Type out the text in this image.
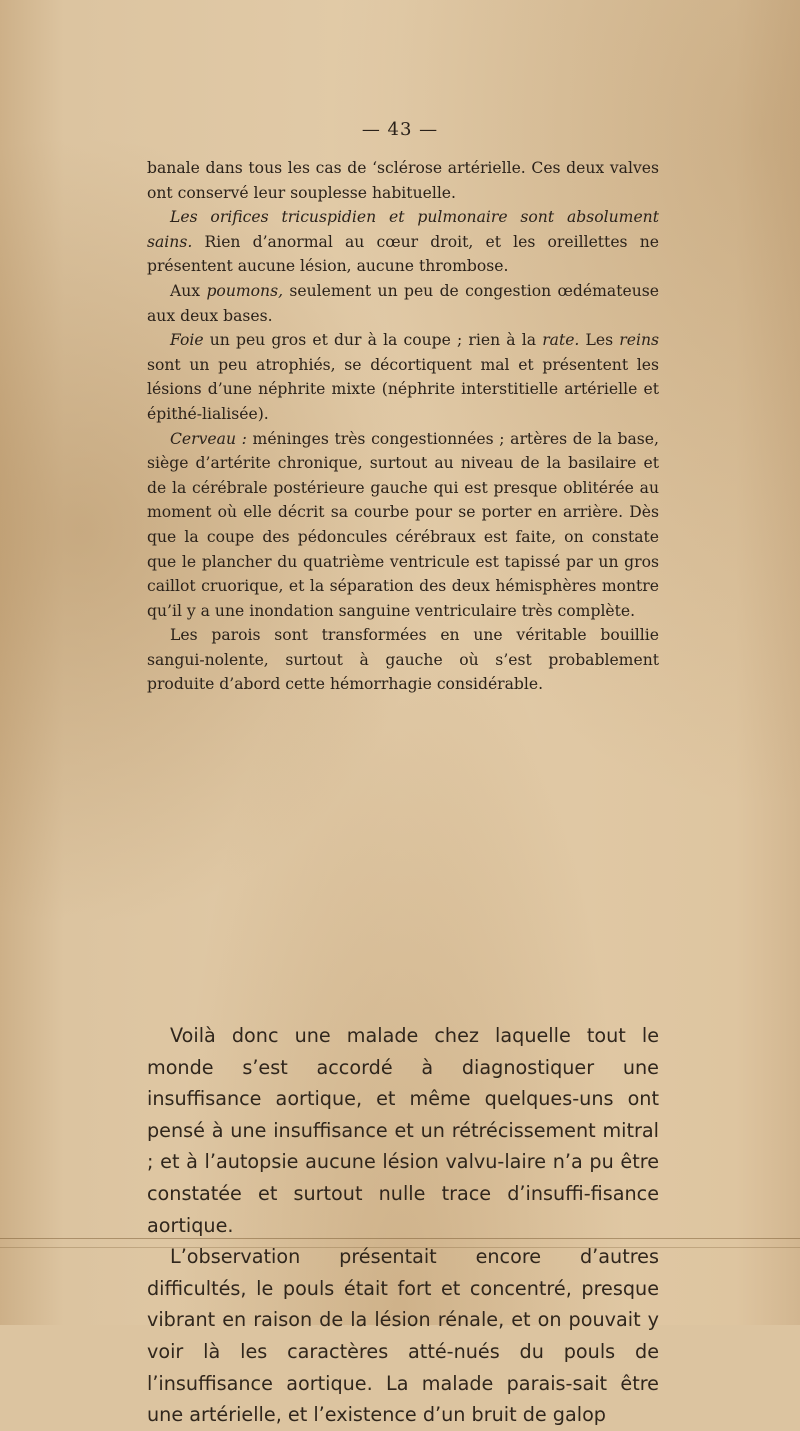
— 43 —

banale dans tous les cas de ‘sclérose artérielle. Ces deux valves ont conservé leur souplesse habituelle.

Les orifices tricuspidien et pulmonaire sont absolument sains. Rien d’anormal au cœur droit, et les oreillettes ne présentent aucune lésion, aucune thrombose.

Aux poumons, seulement un peu de congestion œdémateuse aux deux bases.

Foie un peu gros et dur à la coupe ; rien à la rate. Les reins sont un peu atrophiés, se décortiquent mal et présentent les lésions d’une néphrite mixte (néphrite interstitielle artérielle et épithé-lialisée).

Cerveau : méninges très congestionnées ; artères de la base, siège d’artérite chronique, surtout au niveau de la basilaire et de la cérébrale postérieure gauche qui est presque oblitérée au moment où elle décrit sa courbe pour se porter en arrière. Dès que la coupe des pédoncules cérébraux est faite, on constate que le plancher du quatrième ventricule est tapissé par un gros caillot cruorique, et la séparation des deux hémisphères montre qu’il y a une inondation sanguine ventriculaire très complète.

Les parois sont transformées en une véritable bouillie sangui-nolente, surtout à gauche où s’est probablement produite d’abord cette hémorrhagie considérable.

Voilà donc une malade chez laquelle tout le monde s’est accordé à diagnostiquer une insuffisance aortique, et même quelques-uns ont pensé à une insuffisance et un rétrécissement mitral ; et à l’autopsie aucune lésion valvu-laire n’a pu être constatée et surtout nulle trace d’insuffi-fisance aortique.

L’observation présentait encore d’autres difficultés, le pouls était fort et concentré, presque vibrant en raison de la lésion rénale, et on pouvait y voir là les caractères atté-nués du pouls de l’insuffisance aortique. La malade parais-sait être une artérielle, et l’existence d’un bruit de galop
